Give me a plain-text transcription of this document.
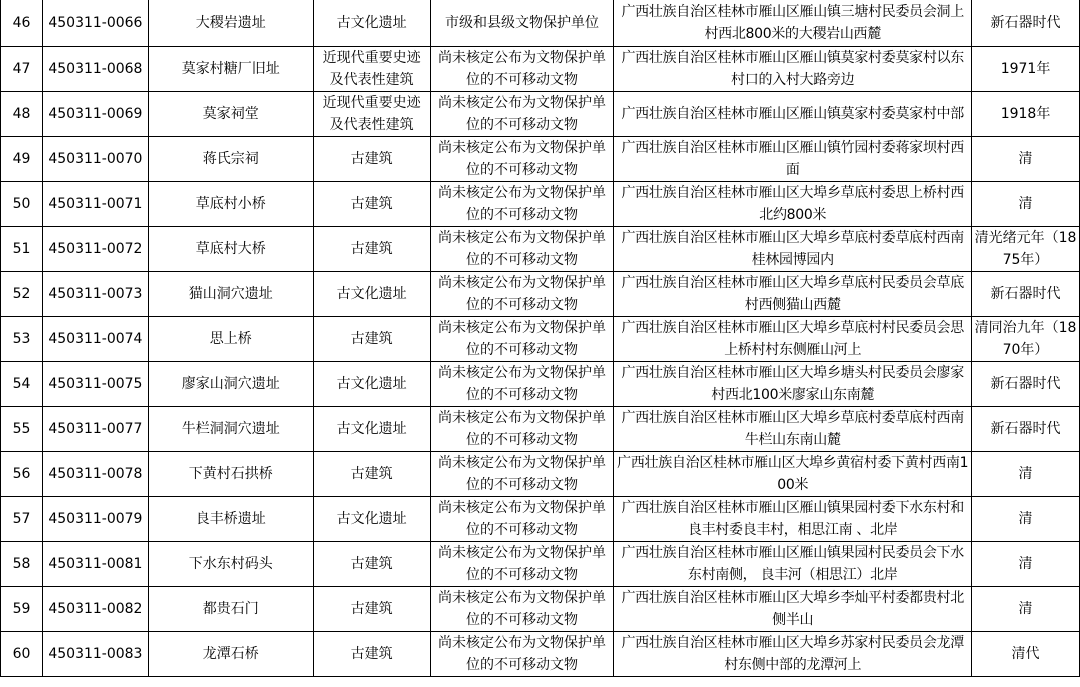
46	450311-0066	大稷岩遗址	古文化遗址	市级和县级文物保护单位	广西壮族自治区桂林市雁山区雁山镇三塘村民委员会洞上村西北800米的大稷岩山西麓	新石器时代
47	450311-0068	莫家村糖厂旧址	近现代重要史迹及代表性建筑	尚未核定公布为文物保护单位的不可移动文物	广西壮族自治区桂林市雁山区雁山镇莫家村委莫家村以东村口的入村大路旁边	1971年
48	450311-0069	莫家祠堂	近现代重要史迹及代表性建筑	尚未核定公布为文物保护单位的不可移动文物	广西壮族自治区桂林市雁山区雁山镇莫家村委莫家村中部	1918年
49	450311-0070	蒋氏宗祠	古建筑	尚未核定公布为文物保护单位的不可移动文物	广西壮族自治区桂林市雁山区雁山镇竹园村委蒋家坝村西面	清
50	450311-0071	草底村小桥	古建筑	尚未核定公布为文物保护单位的不可移动文物	广西壮族自治区桂林市雁山区大埠乡草底村委思上桥村西北约800米	清
51	450311-0072	草底村大桥	古建筑	尚未核定公布为文物保护单位的不可移动文物	广西壮族自治区桂林市雁山区大埠乡草底村委草底村西南桂林园博园内	清光绪元年（1875年）
52	450311-0073	猫山洞穴遗址	古文化遗址	尚未核定公布为文物保护单位的不可移动文物	广西壮族自治区桂林市雁山区大埠乡草底村民委员会草底村西侧猫山西麓	新石器时代
53	450311-0074	思上桥	古建筑	尚未核定公布为文物保护单位的不可移动文物	广西壮族自治区桂林市雁山区大埠乡草底村村民委员会思上桥村村东侧雁山河上	清同治九年（1870年）
54	450311-0075	廖家山洞穴遗址	古文化遗址	尚未核定公布为文物保护单位的不可移动文物	广西壮族自治区桂林市雁山区大埠乡塘头村民委员会廖家村西北100米廖家山东南麓	新石器时代
55	450311-0077	牛栏洞洞穴遗址	古文化遗址	尚未核定公布为文物保护单位的不可移动文物	广西壮族自治区桂林市雁山区大埠乡草底村委草底村西南牛栏山东南山麓	新石器时代
56	450311-0078	下黄村石拱桥	古建筑	尚未核定公布为文物保护单位的不可移动文物	广西壮族自治区桂林市雁山区大埠乡黄宿村委下黄村西南100米	清
57	450311-0079	良丰桥遗址	古文化遗址	尚未核定公布为文物保护单位的不可移动文物	广西壮族自治区桂林市雁山区雁山镇果园村委下水东村和良丰村委良丰村，相思江南 、北岸	清
58	450311-0081	下水东村码头	古建筑	尚未核定公布为文物保护单位的不可移动文物	广西壮族自治区桂林市雁山区雁山镇果园村民委员会下水东村南侧， 良丰河（相思江）北岸	清
59	450311-0082	都贵石门	古建筑	尚未核定公布为文物保护单位的不可移动文物	广西壮族自治区桂林市雁山区大埠乡李灿平村委都贵村北侧半山	清
60	450311-0083	龙潭石桥	古建筑	尚未核定公布为文物保护单位的不可移动文物	广西壮族自治区桂林市雁山区大埠乡苏家村民委员会龙潭村东侧中部的龙潭河上	清代
